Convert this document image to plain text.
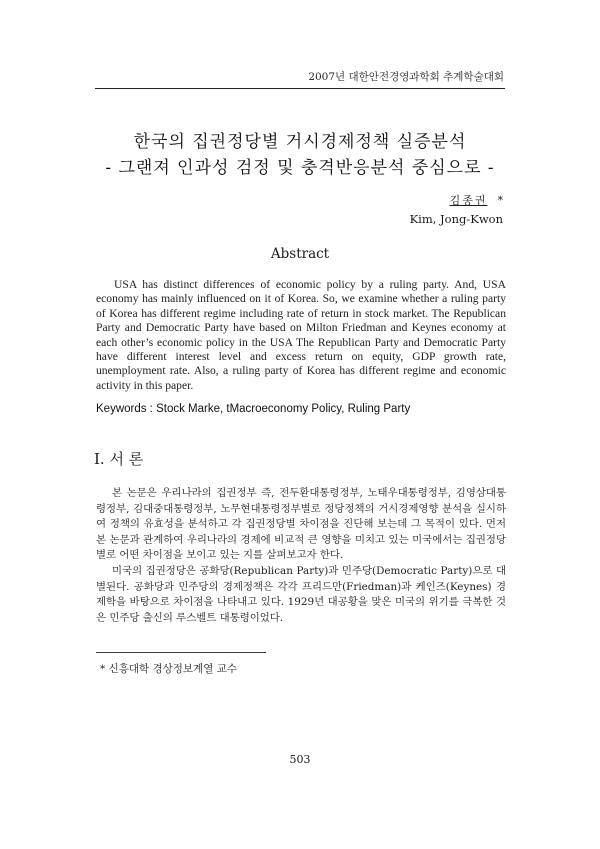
2007년 대한안전경영과학회 추계학술대회
한국의 집권정당별 거시경제정책 실증분석
- 그랜져 인과성 검정 및 충격반응분석 중심으로 -
김종권 *
Kim, Jong-Kwon
Abstract
USA has distinct differences of economic policy by a ruling party. And, USA economy has mainly influenced on it of Korea. So, we examine whether a ruling party of Korea has different regime including rate of return in stock market. The Republican Party and Democratic Party have based on Milton Friedman and Keynes economy at each other’s economic policy in the USA The Republican Party and Democratic Party have different interest level and excess return on equity, GDP growth rate, unemployment rate. Also, a ruling party of Korea has different regime and economic activity in this paper.
Keywords : Stock Marke, tMacroeconomy Policy, Ruling Party
I. 서 론
본 논문은 우리나라의 집권정부 즉, 전두환대통령정부, 노태우대통령정부, 김영삼대통령정부, 김대중대통령정부, 노무현대통령정부별로 정당정책의 거시경제영향 분석을 실시하여 정책의 유효성을 분석하고 각 집권정당별 차이점을 진단해 보는데 그 목적이 있다. 먼저 본 논문과 관계하여 우리나라의 경제에 비교적 큰 영향을 미치고 있는 미국에서는 집권정당별로 어떤 차이점을 보이고 있는 지를 살펴보고자 한다.
미국의 집권정당은 공화당(Republican Party)과 민주당(Democratic Party)으로 대별된다. 공화당과 민주당의 경제정책은 각각 프리드만(Friedman)과 케인즈(Keynes) 경제학을 바탕으로 차이점을 나타내고 있다. 1929년 대공황을 맞은 미국의 위기를 극복한 것은 민주당 출신의 루스벨트 대통령이었다.
* 신흥대학 경상정보계열 교수
503
